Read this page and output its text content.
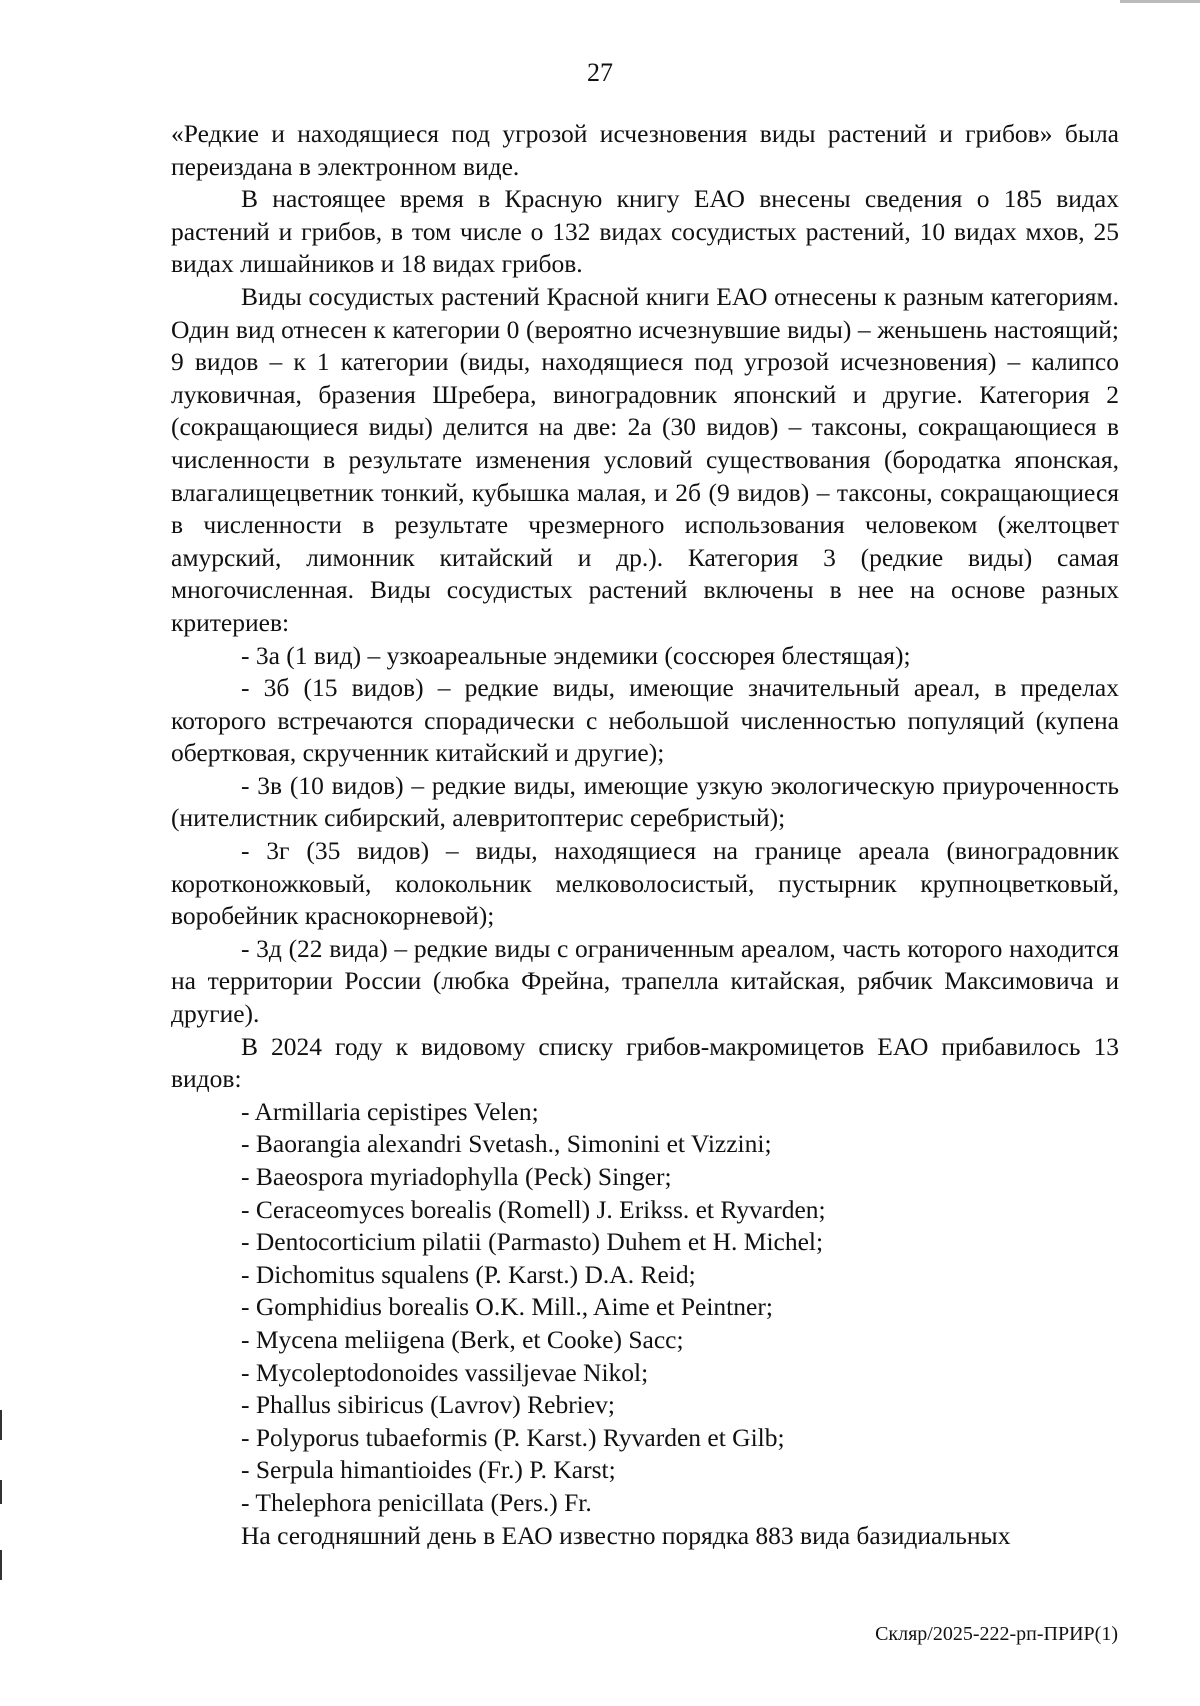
27

«Редкие и находящиеся под угрозой исчезновения виды растений и грибов» была переиздана в электронном виде.

В настоящее время в Красную книгу ЕАО внесены сведения о 185 видах растений и грибов, в том числе о 132 видах сосудистых растений, 10 видах мхов, 25 видах лишайников и 18 видах грибов.

Виды сосудистых растений Красной книги ЕАО отнесены к разным категориям. Один вид отнесен к категории 0 (вероятно исчезнувшие виды) – женьшень настоящий; 9 видов – к 1 категории (виды, находящиеся под угрозой исчезновения) – калипсо луковичная, бразения Шребера, виноградовник японский и другие. Категория 2 (сокращающиеся виды) делится на две: 2а (30 видов) – таксоны, сокращающиеся в численности в результате изменения условий существования (бородатка японская, влагалищецветник тонкий, кубышка малая, и 2б (9 видов) – таксоны, сокращающиеся в численности в результате чрезмерного использования человеком (желтоцвет амурский, лимонник китайский и др.). Категория 3 (редкие виды) самая многочисленная. Виды сосудистых растений включены в нее на основе разных критериев:

- 3а (1 вид) – узкоареальные эндемики (соссюрея блестящая);

- 3б (15 видов) – редкие виды, имеющие значительный ареал, в пределах которого встречаются спорадически с небольшой численностью популяций (купена обертковая, скрученник китайский и другие);

- 3в (10 видов) – редкие виды, имеющие узкую экологическую приуроченность (нителистник сибирский, алевритоптерис серебристый);

- 3г (35 видов) – виды, находящиеся на границе ареала (виноградовник коротконожковый, колокольник мелковолосистый, пустырник крупноцветковый, воробейник краснокорневой);

- 3д (22 вида) – редкие виды с ограниченным ареалом, часть которого находится на территории России (любка Фрейна, трапелла китайская, рябчик Максимовича и другие).

В 2024 году к видовому списку грибов-макромицетов ЕАО прибавилось 13 видов:

- Armillaria cepistipes Velen;

- Baorangia alexandri Svetash., Simonini et Vizzini;

- Baeospora myriadophylla (Peck) Singer;

- Ceraceomyces borealis (Romell) J. Erikss. et Ryvarden;

- Dentocorticium pilatii (Parmasto) Duhem et H. Michel;

- Dichomitus squalens (P. Karst.) D.A. Reid;

- Gomphidius borealis O.K. Mill., Aime et Peintner;

- Mycena meliigena (Berk, et Cooke) Sacc;

- Mycoleptodonoides vassiljevae Nikol;

- Phallus sibiricus (Lavrov) Rebriev;

- Polyporus tubaeformis (P. Karst.) Ryvarden et Gilb;

- Serpula himantioides (Fr.) P. Karst;

- Thelephora penicillata (Pers.) Fr.

На сегодняшний день в ЕАО известно порядка 883 вида базидиальных

Скляр/2025-222-рп-ПРИР(1)
